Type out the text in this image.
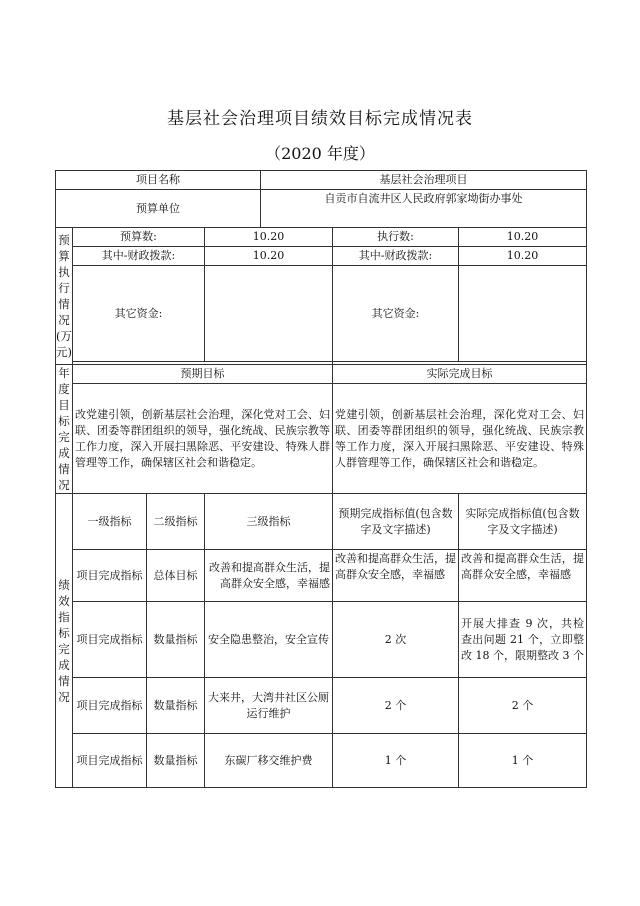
基层社会治理项目绩效目标完成情况表
（2020 年度）
项目名称				基层社会治理项目		
预算单位				自贡市自流井区人民政府郭家坳街办事处		
预算执行情况(万元)	预算数:		10.20		执行数:	10.20
	其中-财政拨款:		10.20		其中-财政拨款:	10.20
	其它资金:				其它资金:	

年度目标完成情况	预期目标				实际完成目标	
	改党建引领，创新基层社会治理，深化党对工会、妇联、团委等群团组织的领导，强化统战、民族宗教等工作力度，深入开展扫黑除恶、平安建设、特殊人群管理等工作，确保辖区社会和谐稳定。				党建引领，创新基层社会治理，深化党对工会、妇联、团委等群团组织的领导，强化统战、民族宗教等工作力度，深入开展扫黑除恶、平安建设、特殊人群管理等工作，确保辖区社会和谐稳定。	
绩效指标完成情况	一级指标	二级指标	三级指标		预期完成指标值(包含数字及文字描述)	实际完成指标值(包含数字及文字描述)
	项目完成指标	总体目标	改善和提高群众生活，提高群众安全感，幸福感		改善和提高群众生活，提高群众安全感，幸福感	改善和提高群众生活，提高群众安全感，幸福感
	项目完成指标	数量指标	安全隐患整治，安全宣传		2 次	开展大排查 9 次，共检查出问题 21 个，立即整改 18 个，限期整改 3 个
	项目完成指标	数量指标	大来井，大湾井社区公厕运行维护		2 个	2 个
	项目完成指标	数量指标	东碳厂移交维护费		1 个	1 个
